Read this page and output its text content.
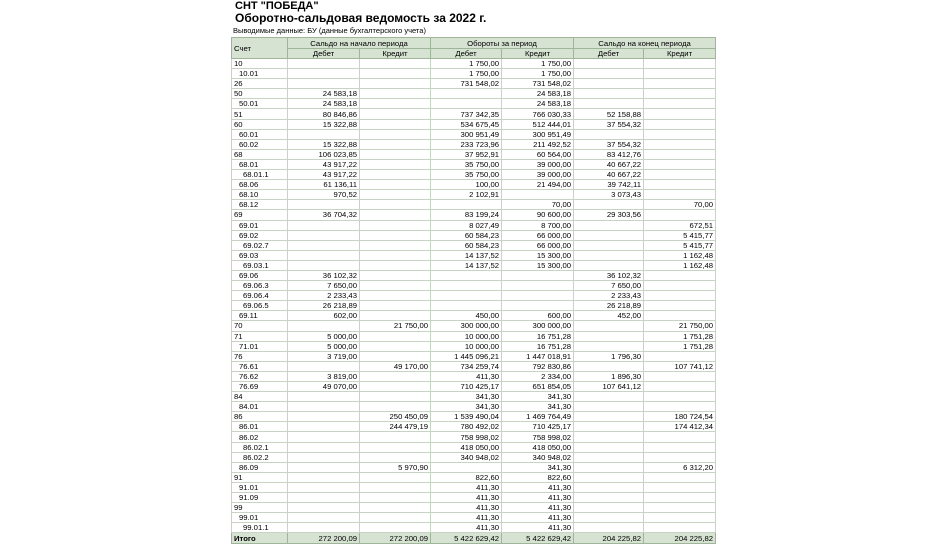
СНТ "ПОБЕДА"
Оборотно-сальдовая ведомость за 2022 г.
Выводимые данные: БУ (данные бухгалтерского учета)
Счет	Сальдо на начало периода		Обороты за период		Сальдо на конец периода	
	Дебет	Кредит	Дебет	Кредит	Дебет	Кредит
10			1 750,00	1 750,00		
10.01			1 750,00	1 750,00		
26			731 548,02	731 548,02		
50	24 583,18			24 583,18		
50.01	24 583,18			24 583,18		
51	80 846,86		737 342,35	766 030,33	52 158,88	
60	15 322,88		534 675,45	512 444,01	37 554,32	
60.01			300 951,49	300 951,49		
60.02	15 322,88		233 723,96	211 492,52	37 554,32	
68	106 023,85		37 952,91	60 564,00	83 412,76	
68.01	43 917,22		35 750,00	39 000,00	40 667,22	
68.01.1	43 917,22		35 750,00	39 000,00	40 667,22	
68.06	61 136,11		100,00	21 494,00	39 742,11	
68.10	970,52		2 102,91		3 073,43	
68.12				70,00		70,00
69	36 704,32		83 199,24	90 600,00	29 303,56	
69.01			8 027,49	8 700,00		672,51
69.02			60 584,23	66 000,00		5 415,77
69.02.7			60 584,23	66 000,00		5 415,77
69.03			14 137,52	15 300,00		1 162,48
69.03.1			14 137,52	15 300,00		1 162,48
69.06	36 102,32				36 102,32	
69.06.3	7 650,00				7 650,00	
69.06.4	2 233,43				2 233,43	
69.06.5	26 218,89				26 218,89	
69.11	602,00		450,00	600,00	452,00	
70		21 750,00	300 000,00	300 000,00		21 750,00
71	5 000,00		10 000,00	16 751,28		1 751,28
71.01	5 000,00		10 000,00	16 751,28		1 751,28
76	3 719,00		1 445 096,21	1 447 018,91	1 796,30	
76.61		49 170,00	734 259,74	792 830,86		107 741,12
76.62	3 819,00		411,30	2 334,00	1 896,30	
76.69	49 070,00		710 425,17	651 854,05	107 641,12	
84			341,30	341,30		
84.01			341,30	341,30		
86		250 450,09	1 539 490,04	1 469 764,49		180 724,54
86.01		244 479,19	780 492,02	710 425,17		174 412,34
86.02			758 998,02	758 998,02		
86.02.1			418 050,00	418 050,00		
86.02.2			340 948,02	340 948,02		
86.09		5 970,90		341,30		6 312,20
91			822,60	822,60		
91.01			411,30	411,30		
91.09			411,30	411,30		
99			411,30	411,30		
99.01			411,30	411,30		
99.01.1			411,30	411,30		
Итого	272 200,09	272 200,09	5 422 629,42	5 422 629,42	204 225,82	204 225,82
